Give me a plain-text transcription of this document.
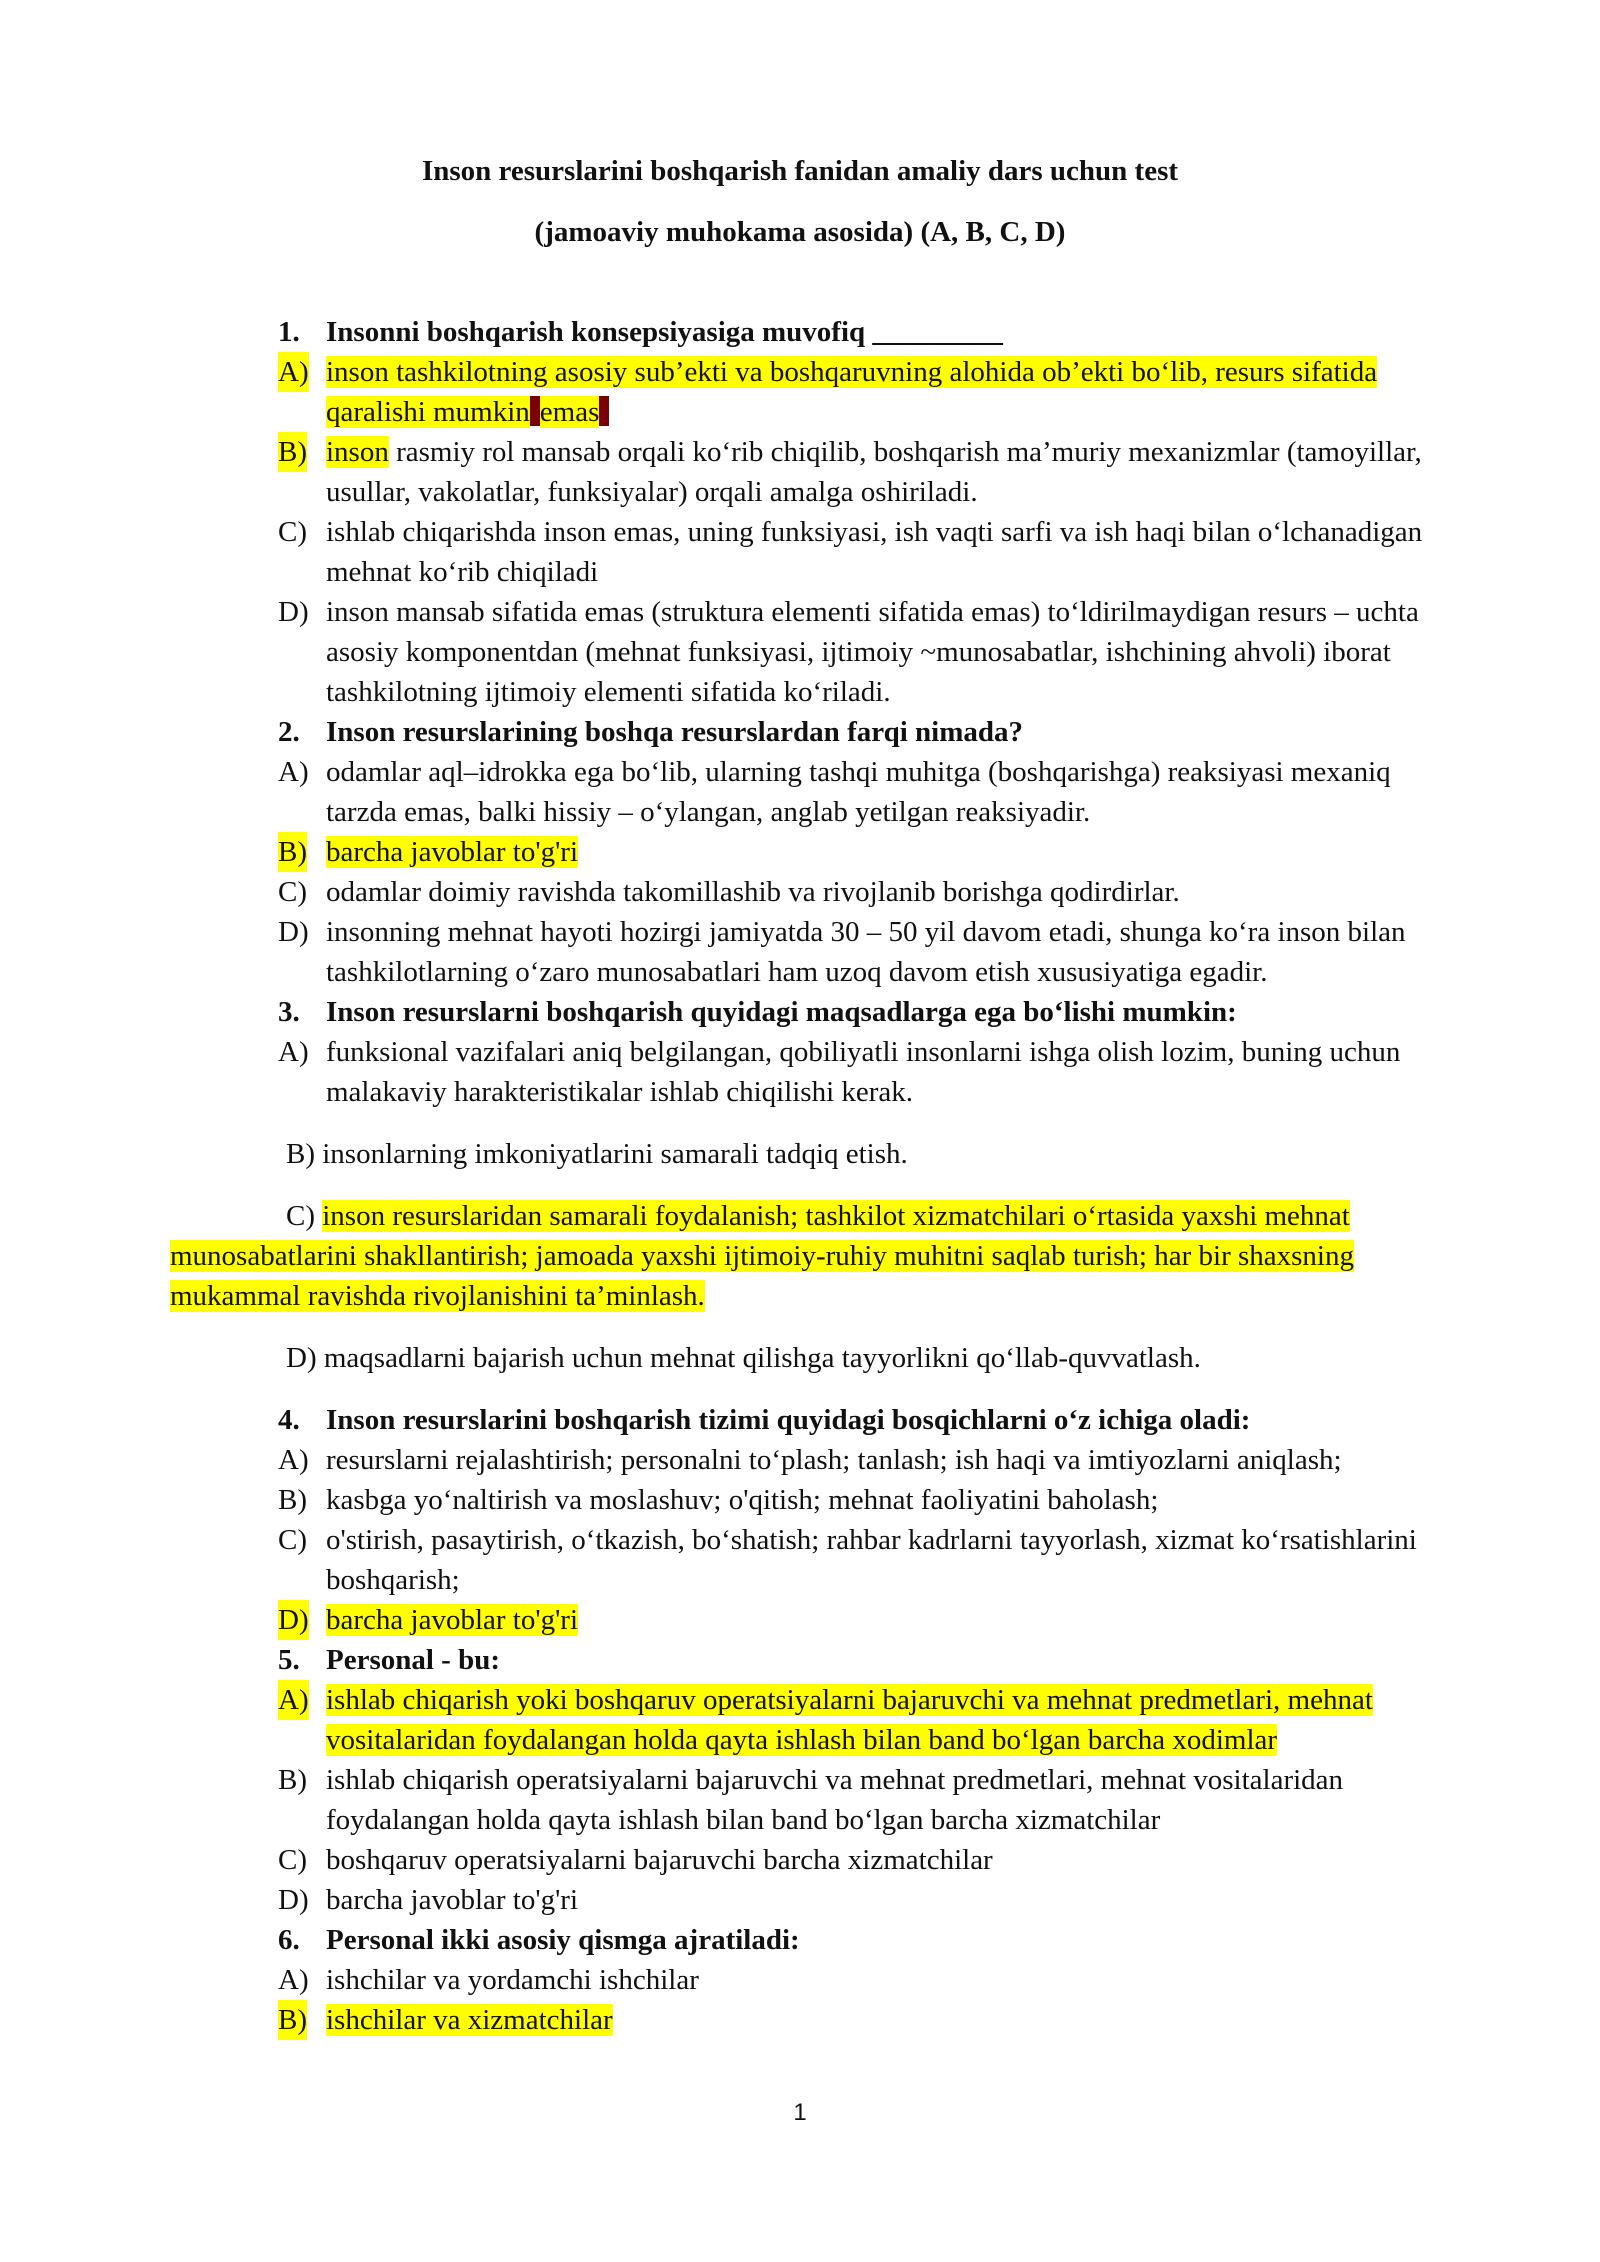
Inson resurslarini boshqarish fanidan amaliy dars uchun test

(jamoaviy muhokama asosida) (A, B, C, D)

1. Insonni boshqarish konsepsiyasiga muvofiq _________
A) inson tashkilotning asosiy sub’ekti va boshqaruvning alohida ob’ekti bo‘lib, resurs sifatida qaralishi mumkin emas
B) inson rasmiy rol mansab orqali ko‘rib chiqilib, boshqarish ma’muriy mexanizmlar (tamoyillar, usullar, vakolatlar, funksiyalar) orqali amalga oshiriladi.
C) ishlab chiqarishda inson emas, uning funksiyasi, ish vaqti sarfi va ish haqi bilan o‘lchanadigan mehnat ko‘rib chiqiladi
D) inson mansab sifatida emas (struktura elementi sifatida emas) to‘ldirilmaydigan resurs – uchta asosiy komponentdan (mehnat funksiyasi, ijtimoiy ~munosabatlar, ishchining ahvoli) iborat tashkilotning ijtimoiy elementi sifatida ko‘riladi.
2. Inson resurslarining boshqa resurslardan farqi nimada?
A) odamlar aql–idrokka ega bo‘lib, ularning tashqi muhitga (boshqarishga) reaksiyasi mexaniq tarzda emas, balki hissiy – o‘ylangan, anglab yetilgan reaksiyadir.
B) barcha javoblar to'g'ri
C) odamlar doimiy ravishda takomillashib va rivojlanib borishga qodirdirlar.
D) insonning mehnat hayoti hozirgi jamiyatda 30 – 50 yil davom etadi, shunga ko‘ra inson bilan tashkilotlarning o‘zaro munosabatlari ham uzoq davom etish xususiyatiga egadir.
3. Inson resurslarni boshqarish quyidagi maqsadlarga ega bo‘lishi mumkin:
A) funksional vazifalari aniq belgilangan, qobiliyatli insonlarni ishga olish lozim, buning uchun malakaviy harakteristikalar ishlab chiqilishi kerak.
B) insonlarning imkoniyatlarini samarali tadqiq etish.
C) inson resurslaridan samarali foydalanish; tashkilot xizmatchilari o‘rtasida yaxshi mehnat munosabatlarini shakllantirish; jamoada yaxshi ijtimoiy-ruhiy muhitni saqlab turish; har bir shaxsning mukammal ravishda rivojlanishini ta’minlash.
D) maqsadlarni bajarish uchun mehnat qilishga tayyorlikni qo‘llab-quvvatlash.
4. Inson resurslarini boshqarish tizimi quyidagi bosqichlarni o‘z ichiga oladi:
A) resurslarni rejalashtirish; personalni to‘plash; tanlash; ish haqi va imtiyozlarni aniqlash;
B) kasbga yo‘naltirish va moslashuv; o'qitish; mehnat faoliyatini baholash;
C) o'stirish, pasaytirish, o‘tkazish, bo‘shatish; rahbar kadrlarni tayyorlash, xizmat ko‘rsatishlarini boshqarish;
D) barcha javoblar to'g'ri
5. Personal - bu:
A) ishlab chiqarish yoki boshqaruv operatsiyalarni bajaruvchi va mehnat predmetlari, mehnat vositalaridan foydalangan holda qayta ishlash bilan band bo‘lgan barcha xodimlar
B) ishlab chiqarish operatsiyalarni bajaruvchi va mehnat predmetlari, mehnat vositalaridan foydalangan holda qayta ishlash bilan band bo‘lgan barcha xizmatchilar
C) boshqaruv operatsiyalarni bajaruvchi barcha xizmatchilar
D) barcha javoblar to'g'ri
6. Personal ikki asosiy qismga ajratiladi:
A) ishchilar va yordamchi ishchilar
B) ishchilar va xizmatchilar
1
